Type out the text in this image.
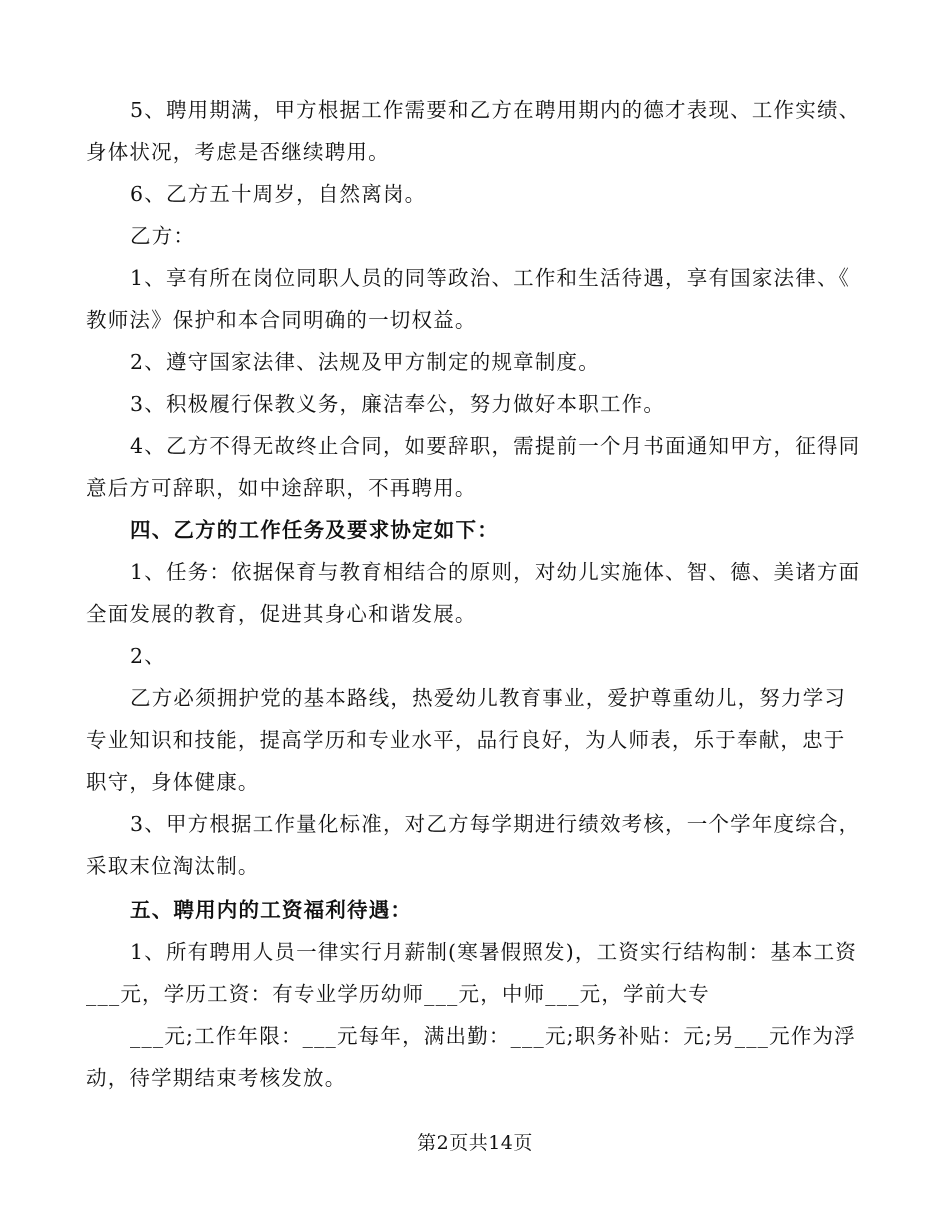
5、聘用期满，甲方根据工作需要和乙方在聘用期内的德才表现、工作实绩、
身体状况，考虑是否继续聘用。
6、乙方五十周岁，自然离岗。
乙方：
1、享有所在岗位同职人员的同等政治、工作和生活待遇，享有国家法律、《
教师法》保护和本合同明确的一切权益。
2、遵守国家法律、法规及甲方制定的规章制度。
3、积极履行保教义务，廉洁奉公，努力做好本职工作。
4、乙方不得无故终止合同，如要辞职，需提前一个月书面通知甲方，征得同
意后方可辞职，如中途辞职，不再聘用。
四、乙方的工作任务及要求协定如下：
1、任务：依据保育与教育相结合的原则，对幼儿实施体、智、德、美诸方面
全面发展的教育，促进其身心和谐发展。
2、
乙方必须拥护党的基本路线，热爱幼儿教育事业，爱护尊重幼儿，努力学习
专业知识和技能，提高学历和专业水平，品行良好，为人师表，乐于奉献，忠于
职守，身体健康。
3、甲方根据工作量化标准，对乙方每学期进行绩效考核，一个学年度综合，
采取末位淘汰制。
五、聘用内的工资福利待遇：
1、所有聘用人员一律实行月薪制(寒暑假照发)，工资实行结构制：基本工资
___元，学历工资：有专业学历幼师___元，中师___元，学前大专
___元;工作年限：___元每年，满出勤：___元;职务补贴：元;另___元作为浮
动，待学期结束考核发放。
第2页共14页
